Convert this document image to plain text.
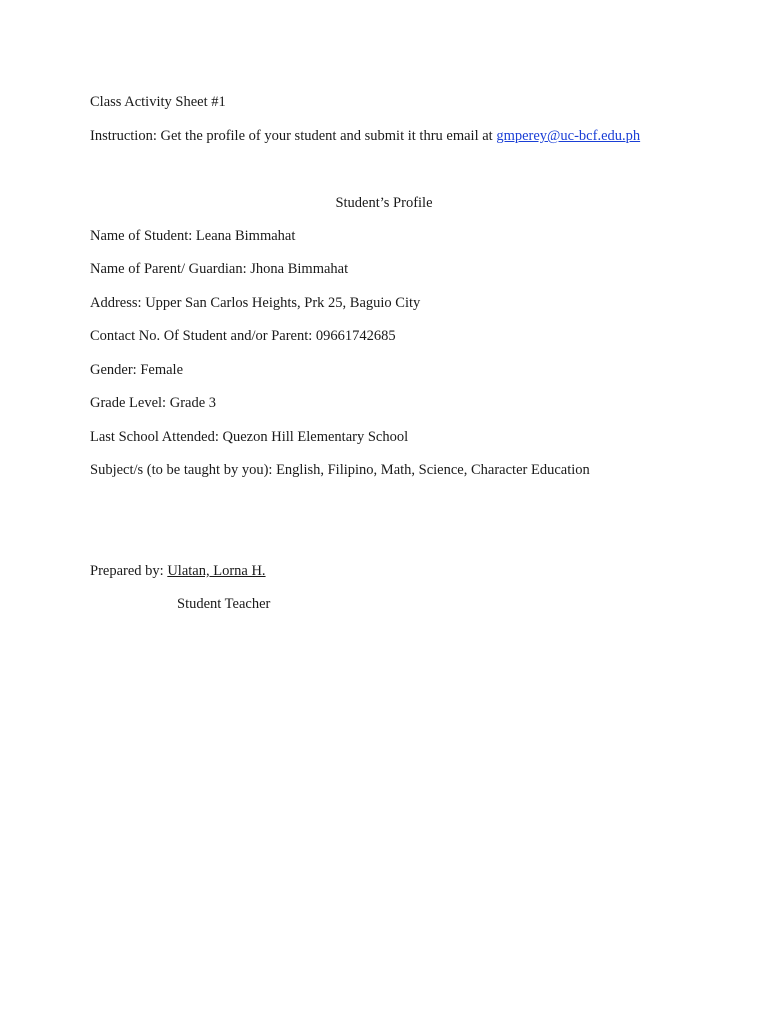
Class Activity Sheet #1
Instruction: Get the profile of your student and submit it thru email at gmperey@uc-bcf.edu.ph
Student’s Profile
Name of Student: Leana Bimmahat
Name of Parent/ Guardian: Jhona Bimmahat
Address: Upper San Carlos Heights, Prk 25, Baguio City
Contact No. Of Student and/or Parent: 09661742685
Gender: Female
Grade Level: Grade 3
Last School Attended: Quezon Hill Elementary School
Subject/s (to be taught by you): English, Filipino, Math, Science, Character Education
Prepared by: Ulatan, Lorna H.
Student Teacher
